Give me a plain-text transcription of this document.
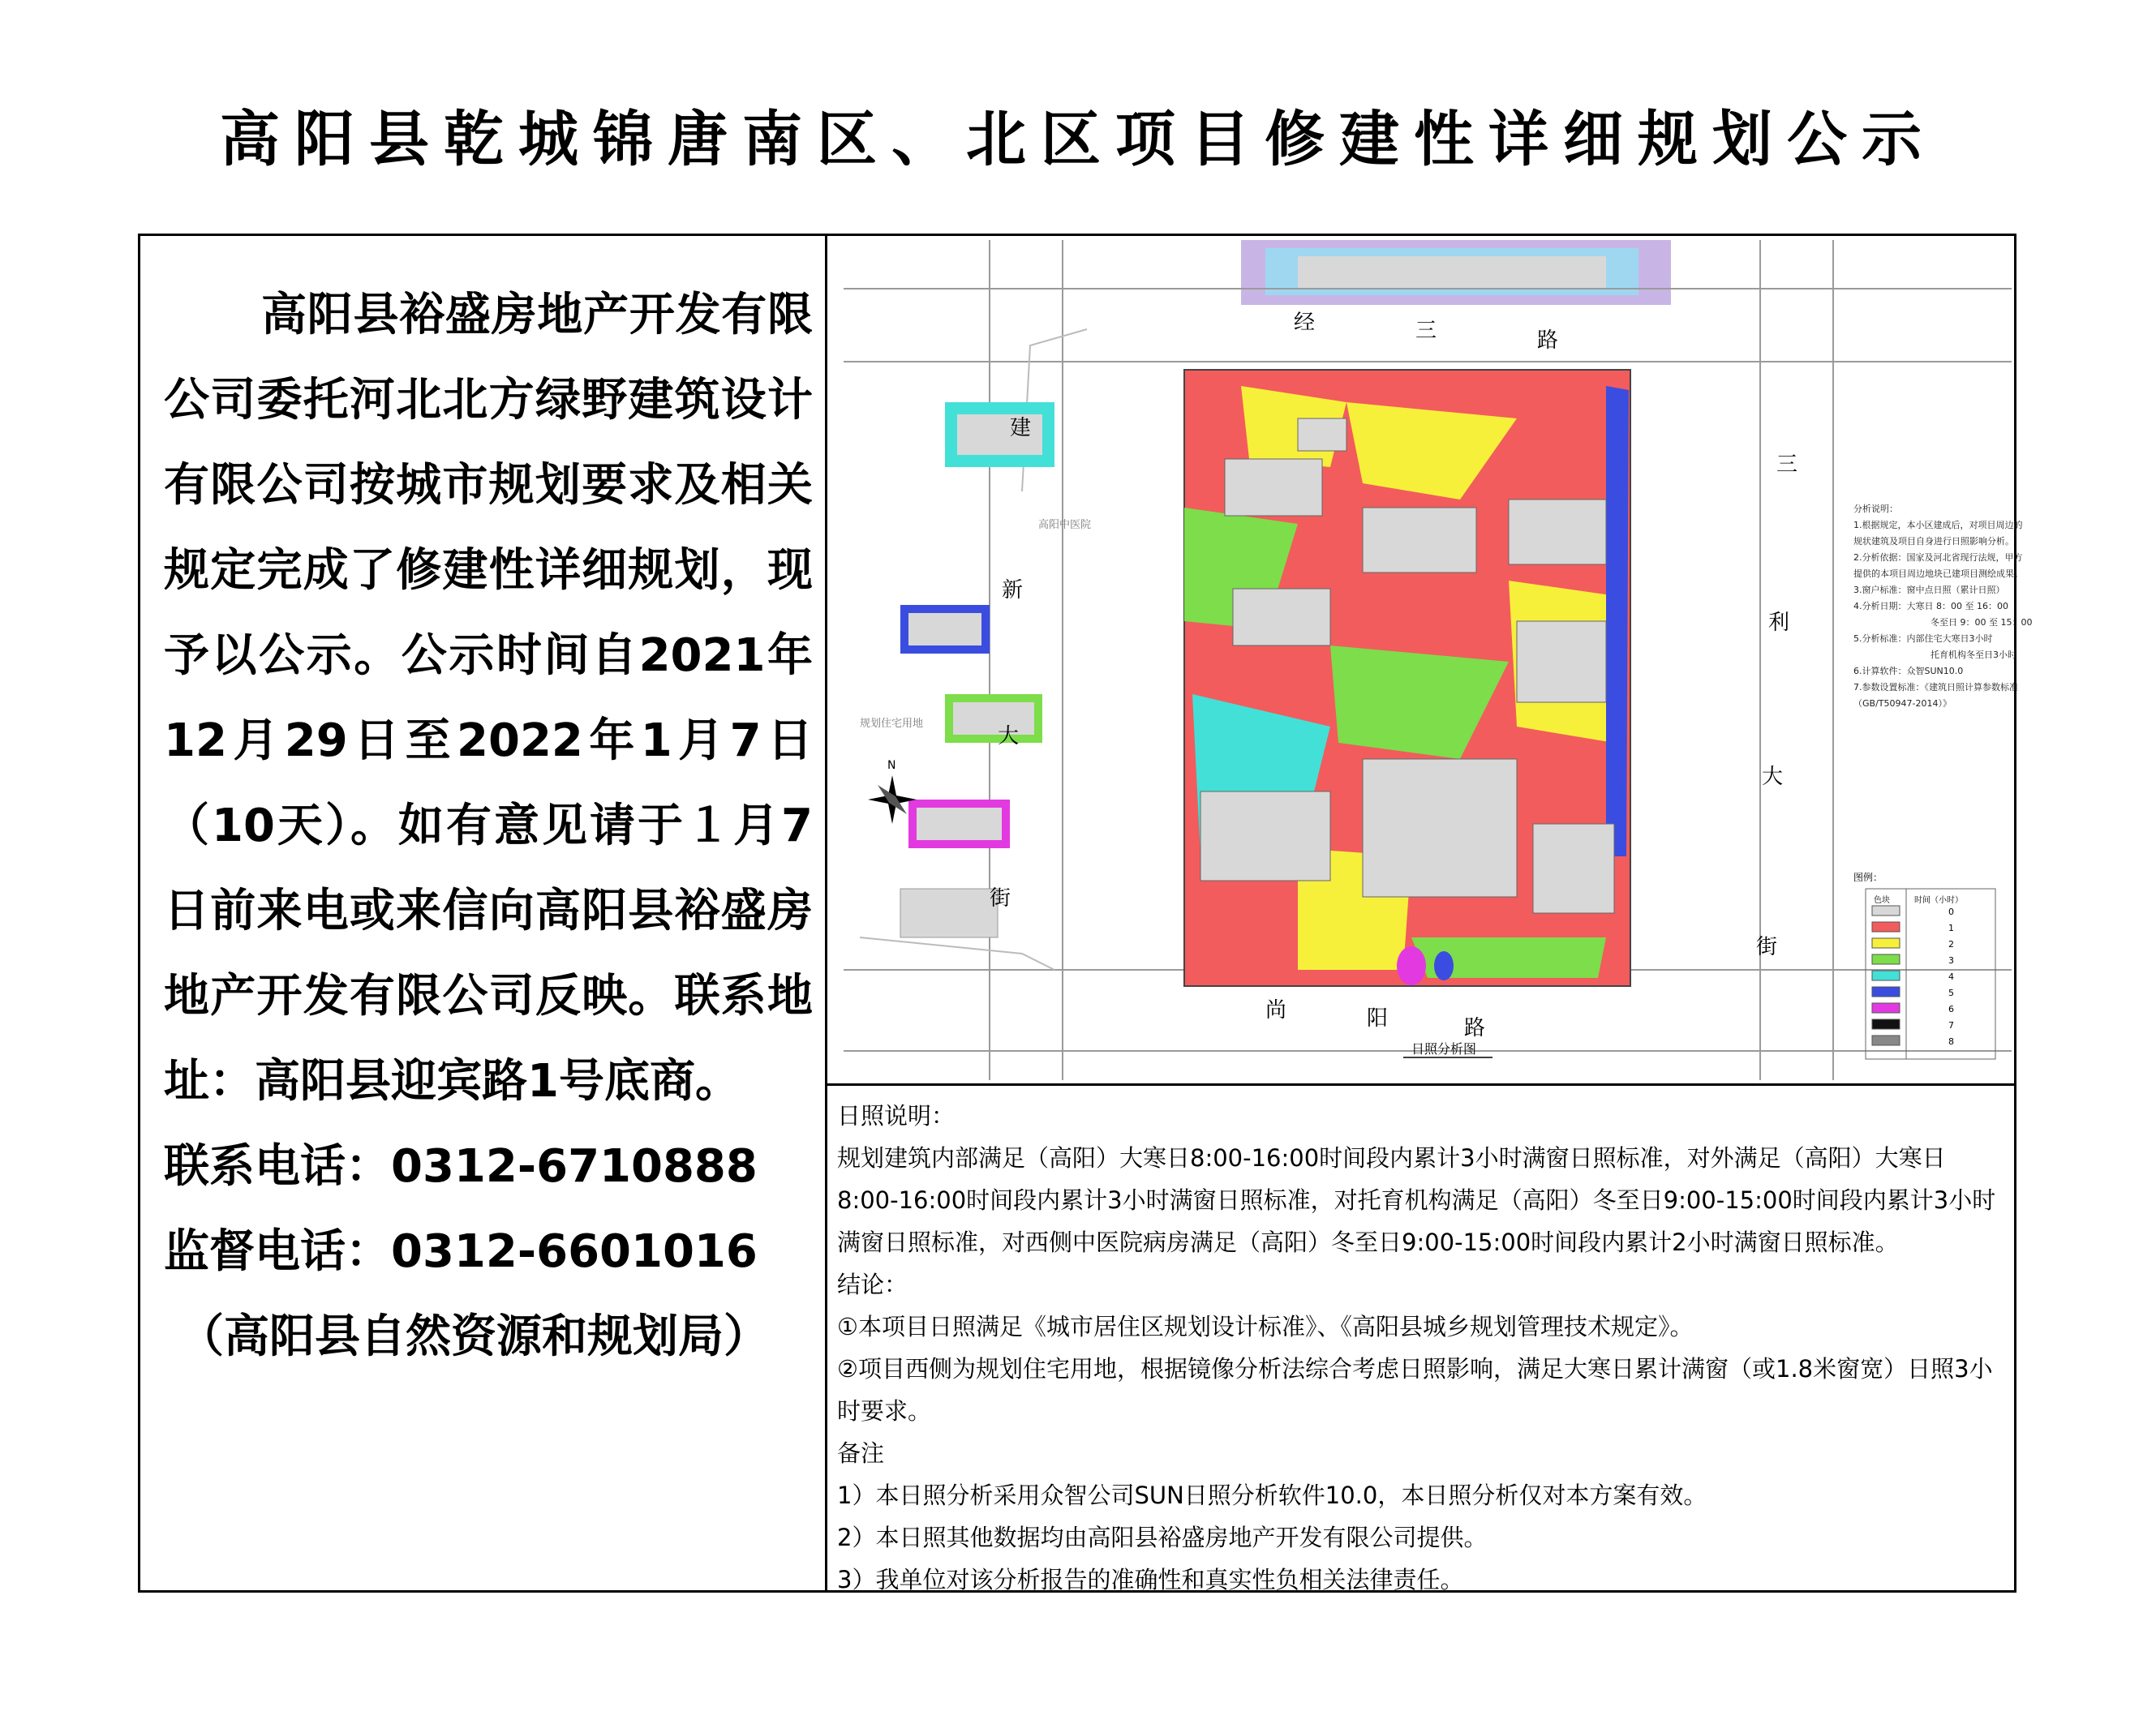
高阳县乾城锦唐南区、北区项目修建性详细规划公示
高阳县裕盛房地产开发有限公司委托河北北方绿野建筑设计有限公司按城市规划要求及相关规定完成了修建性详细规划，现予以公示。公示时间自2021年12月29日至2022年1月7日（10天）。如有意见请于１月7日前来电或来信向高阳县裕盛房地产开发有限公司反映。联系地址：高阳县迎宾路1号底商。
联系电话：0312-6710888
监督电话：0312-6601016
（高阳县自然资源和规划局）
经	三	路
尚	阳	路
建
新
大
街
三
利
大
街
高阳中医院
规划住宅用地
N
日照分析图
分析说明：
1.根据规定，本小区建成后，对项目周边的
规状建筑及项目自身进行日照影响分析。
2.分析依据：国家及河北省现行法规，甲方
提供的本项目周边地块已建项目测绘成果。
3.窗户标准：窗中点日照（累计日照）
4.分析日期：大寒日 8：00 至 16：00
冬至日 9：00 至 15：00
5.分析标准：内部住宅大寒日3小时
托育机构冬至日3小时
6.计算软件：众智SUN10.0
7.参数设置标准：《建筑日照计算参数标准
（GB/T50947-2014）》
图例：
色块	时间（小时）
0
1
2
3
4
5
6
7
8

日照说明：

规划建筑内部满足（高阳）大寒日8:00-16:00时间段内累计3小时满窗日照标准，对外满足（高阳）大寒日8:00-16:00时间段内累计3小时满窗日照标准，对托育机构满足（高阳）冬至日9:00-15:00时间段内累计3小时满窗日照标准，对西侧中医院病房满足（高阳）冬至日9:00-15:00时间段内累计2小时满窗日照标准。

结论：

①本项目日照满足《城市居住区规划设计标准》、《高阳县城乡规划管理技术规定》。

②项目西侧为规划住宅用地，根据镜像分析法综合考虑日照影响，满足大寒日累计满窗（或1.8米窗宽）日照3小时要求。

备注

1）本日照分析采用众智公司SUN日照分析软件10.0，本日照分析仅对本方案有效。

2）本日照其他数据均由高阳县裕盛房地产开发有限公司提供。

3）我单位对该分析报告的准确性和真实性负相关法律责任。
